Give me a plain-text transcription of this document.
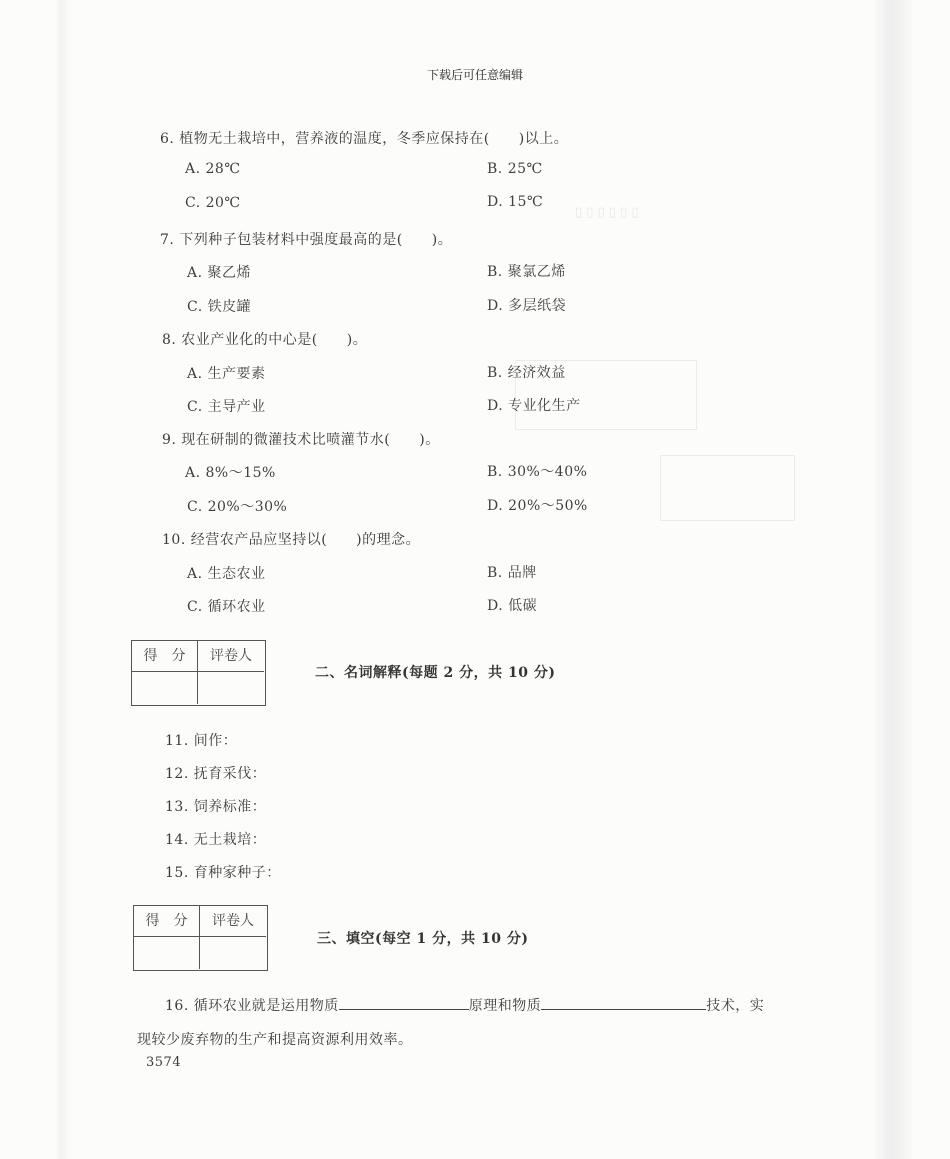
▯ ▯ ▯ ▯ ▯ ▯
下载后可任意编辑
6. 植物无土栽培中，营养液的温度，冬季应保持在(　　)以上。
A. 28℃	B. 25℃
C. 20℃	D. 15℃
7. 下列种子包装材料中强度最高的是(　　)。
A. 聚乙烯	B. 聚氯乙烯
C. 铁皮罐	D. 多层纸袋
8. 农业产业化的中心是(　　)。
A. 生产要素	B. 经济效益
C. 主导产业	D. 专业化生产
9. 现在研制的微灌技术比喷灌节水(　　)。
A. 8%～15%	B. 30%～40%
C. 20%～30%	D. 20%～50%
10. 经营农产品应坚持以(　　)的理念。
A. 生态农业	B. 品牌
C. 循环农业	D. 低碳
得　分	评卷人
二、名词解释(每题 2 分，共 10 分)
11. 间作：
12. 抚育采伐：
13. 饲养标准：
14. 无土栽培：
15. 育种家种子：
得　分	评卷人
三、填空(每空 1 分，共 10 分)
16. 循环农业就是运用物质	原理和物质	技术，实
现较少废弃物的生产和提高资源利用效率。
3574
